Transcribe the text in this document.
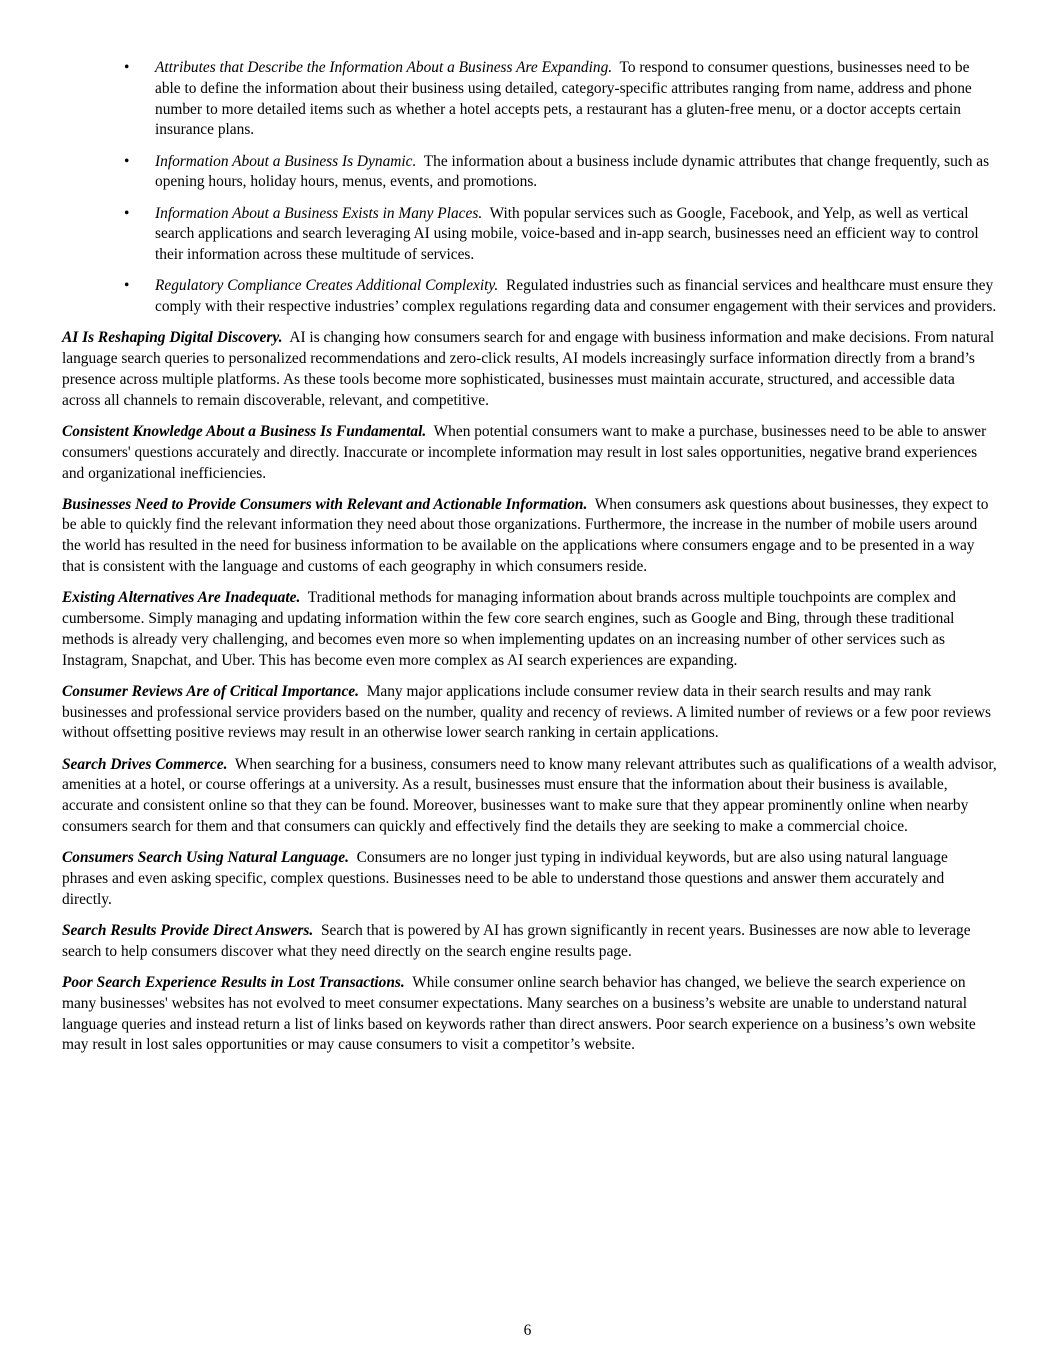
• Attributes that Describe the Information About a Business Are Expanding. To respond to consumer questions, businesses need to be able to define the information about their business using detailed, category-specific attributes ranging from name, address and phone number to more detailed items such as whether a hotel accepts pets, a restaurant has a gluten-free menu, or a doctor accepts certain insurance plans.
• Information About a Business Is Dynamic. The information about a business include dynamic attributes that change frequently, such as opening hours, holiday hours, menus, events, and promotions.
• Information About a Business Exists in Many Places. With popular services such as Google, Facebook, and Yelp, as well as vertical search applications and search leveraging AI using mobile, voice-based and in-app search, businesses need an efficient way to control their information across these multitude of services.
• Regulatory Compliance Creates Additional Complexity. Regulated industries such as financial services and healthcare must ensure they comply with their respective industries’ complex regulations regarding data and consumer engagement with their services and providers.

AI Is Reshaping Digital Discovery. AI is changing how consumers search for and engage with business information and make decisions. From natural language search queries to personalized recommendations and zero-click results, AI models increasingly surface information directly from a brand’s presence across multiple platforms. As these tools become more sophisticated, businesses must maintain accurate, structured, and accessible data across all channels to remain discoverable, relevant, and competitive.

Consistent Knowledge About a Business Is Fundamental. When potential consumers want to make a purchase, businesses need to be able to answer consumers' questions accurately and directly. Inaccurate or incomplete information may result in lost sales opportunities, negative brand experiences and organizational inefficiencies.

Businesses Need to Provide Consumers with Relevant and Actionable Information. When consumers ask questions about businesses, they expect to be able to quickly find the relevant information they need about those organizations. Furthermore, the increase in the number of mobile users around the world has resulted in the need for business information to be available on the applications where consumers engage and to be presented in a way that is consistent with the language and customs of each geography in which consumers reside.

Existing Alternatives Are Inadequate. Traditional methods for managing information about brands across multiple touchpoints are complex and cumbersome. Simply managing and updating information within the few core search engines, such as Google and Bing, through these traditional methods is already very challenging, and becomes even more so when implementing updates on an increasing number of other services such as Instagram, Snapchat, and Uber. This has become even more complex as AI search experiences are expanding.

Consumer Reviews Are of Critical Importance. Many major applications include consumer review data in their search results and may rank businesses and professional service providers based on the number, quality and recency of reviews. A limited number of reviews or a few poor reviews without offsetting positive reviews may result in an otherwise lower search ranking in certain applications.

Search Drives Commerce. When searching for a business, consumers need to know many relevant attributes such as qualifications of a wealth advisor, amenities at a hotel, or course offerings at a university. As a result, businesses must ensure that the information about their business is available, accurate and consistent online so that they can be found. Moreover, businesses want to make sure that they appear prominently online when nearby consumers search for them and that consumers can quickly and effectively find the details they are seeking to make a commercial choice.

Consumers Search Using Natural Language. Consumers are no longer just typing in individual keywords, but are also using natural language phrases and even asking specific, complex questions. Businesses need to be able to understand those questions and answer them accurately and directly.

Search Results Provide Direct Answers. Search that is powered by AI has grown significantly in recent years. Businesses are now able to leverage search to help consumers discover what they need directly on the search engine results page.

Poor Search Experience Results in Lost Transactions. While consumer online search behavior has changed, we believe the search experience on many businesses' websites has not evolved to meet consumer expectations. Many searches on a business’s website are unable to understand natural language queries and instead return a list of links based on keywords rather than direct answers. Poor search experience on a business’s own website may result in lost sales opportunities or may cause consumers to visit a competitor’s website.

6
